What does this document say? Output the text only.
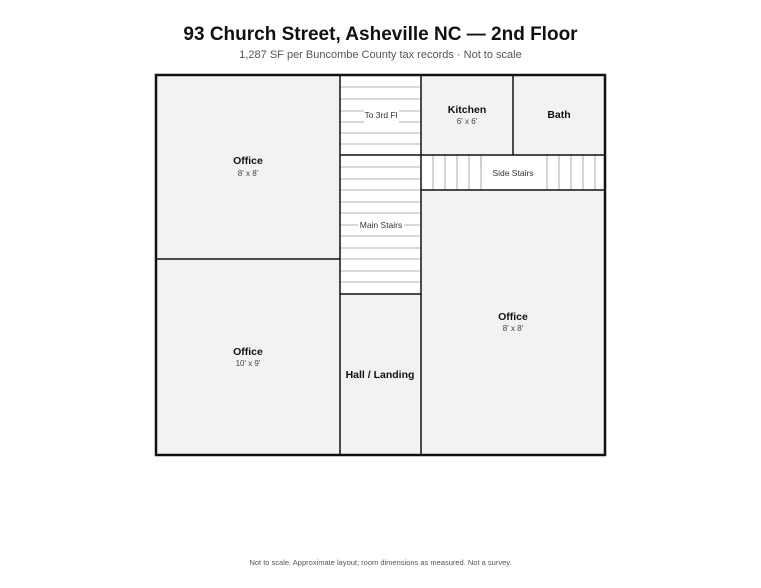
93 Church Street, Asheville NC — 2nd Floor
1,287 SF per Buncombe County tax records · Not to scale
Office
8' x 8'
Office
10' x 9'
Kitchen
6' x 6'
Bath
Office
8' x 8'
Hall / Landing
To 3rd Fl
Main Stairs
Side Stairs
Not to scale. Approximate layout; room dimensions as measured. Not a survey.
